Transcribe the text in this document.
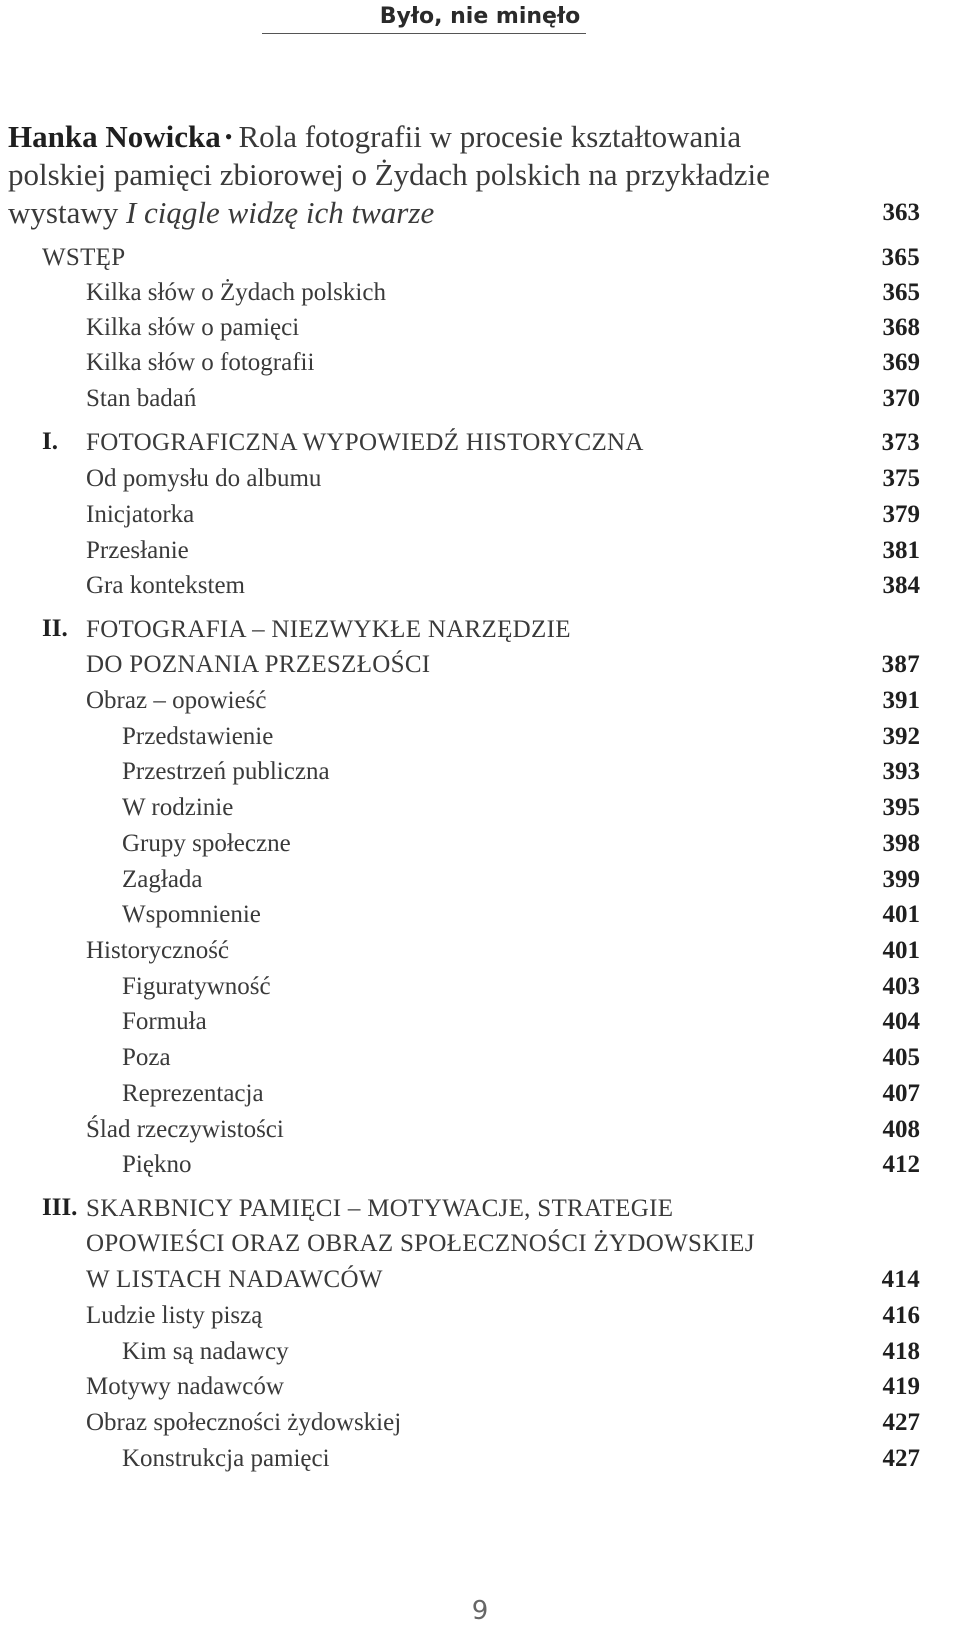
Było, nie minęło
Hanka Nowicka • Rola fotografii w procesie kształtowania
polskiej pamięci zbiorowej o Żydach polskich na przykładzie
wystawy I ciągle widzę ich twarze	363
WSTĘP	365
Kilka słów o Żydach polskich	365
Kilka słów o pamięci	368
Kilka słów o fotografii	369
Stan badań	370
I. FOTOGRAFICZNA WYPOWIEDŹ HISTORYCZNA	373
Od pomysłu do albumu	375
Inicjatorka	379
Przesłanie	381
Gra kontekstem	384
II. FOTOGRAFIA – NIEZWYKŁE NARZĘDZIE
DO POZNANIA PRZESZŁOŚCI	387
Obraz – opowieść	391
Przedstawienie	392
Przestrzeń publiczna	393
W rodzinie	395
Grupy społeczne	398
Zagłada	399
Wspomnienie	401
Historyczność	401
Figuratywność	403
Formuła	404
Poza	405
Reprezentacja	407
Ślad rzeczywistości	408
Piękno	412
III. SKARBNICY PAMIĘCI – MOTYWACJE, STRATEGIE
OPOWIEŚCI ORAZ OBRAZ SPOŁECZNOŚCI ŻYDOWSKIEJ
W LISTACH NADAWCÓW	414
Ludzie listy piszą	416
Kim są nadawcy	418
Motywy nadawców	419
Obraz społeczności żydowskiej	427
Konstrukcja pamięci	427
9
